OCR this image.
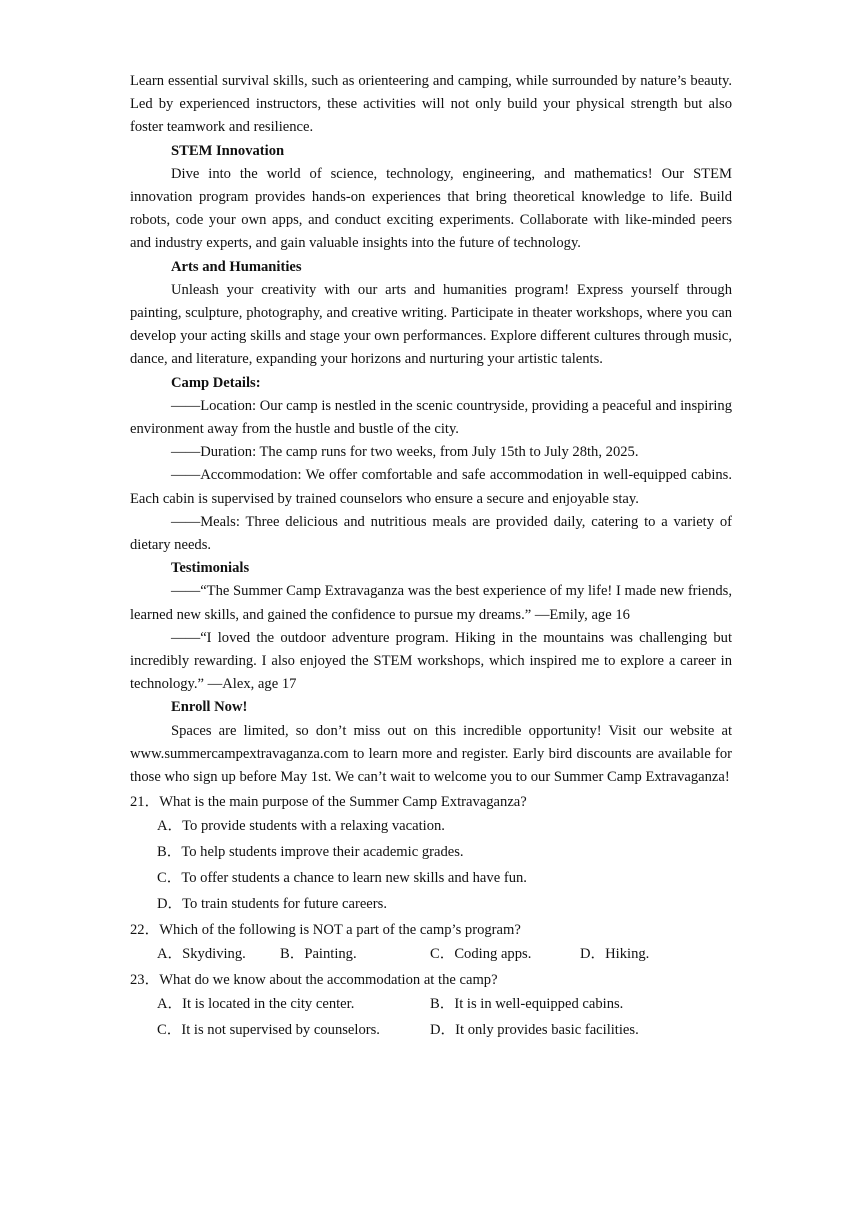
Learn essential survival skills, such as orienteering and camping, while surrounded by nature’s beauty. Led by experienced instructors, these activities will not only build your physical strength but also foster teamwork and resilience.

STEM Innovation

Dive into the world of science, technology, engineering, and mathematics! Our STEM innovation program provides hands-on experiences that bring theoretical knowledge to life. Build robots, code your own apps, and conduct exciting experiments. Collaborate with like-minded peers and industry experts, and gain valuable insights into the future of technology.

Arts and Humanities

Unleash your creativity with our arts and humanities program! Express yourself through painting, sculpture, photography, and creative writing. Participate in theater workshops, where you can develop your acting skills and stage your own performances. Explore different cultures through music, dance, and literature, expanding your horizons and nurturing your artistic talents.

Camp Details:

——Location: Our camp is nestled in the scenic countryside, providing a peaceful and inspiring environment away from the hustle and bustle of the city.

——Duration: The camp runs for two weeks, from July 15th to July 28th, 2025.

——Accommodation: We offer comfortable and safe accommodation in well-equipped cabins. Each cabin is supervised by trained counselors who ensure a secure and enjoyable stay.

——Meals: Three delicious and nutritious meals are provided daily, catering to a variety of dietary needs.

Testimonials

——“The Summer Camp Extravaganza was the best experience of my life! I made new friends, learned new skills, and gained the confidence to pursue my dreams.” —Emily, age 16

——“I loved the outdoor adventure program. Hiking in the mountains was challenging but incredibly rewarding. I also enjoyed the STEM workshops, which inspired me to explore a career in technology.” —Alex, age 17

Enroll Now!

Spaces are limited, so don’t miss out on this incredible opportunity! Visit our website at www.summercampextravaganza.com to learn more and register. Early bird discounts are available for those who sign up before May 1st. We can’t wait to welcome you to our Summer Camp Extravaganza!

21．What is the main purpose of the Summer Camp Extravaganza?

A．To provide students with a relaxing vacation.

B．To help students improve their academic grades.

C．To offer students a chance to learn new skills and have fun.

D．To train students for future careers.

22．Which of the following is NOT a part of the camp’s program?

A．Skydiving.	B．Painting.	C．Coding apps.	D．Hiking.

23．What do we know about the accommodation at the camp?

A．It is located in the city center.	B．It is in well-equipped cabins.
C．It is not supervised by counselors.	D．It only provides basic facilities.
